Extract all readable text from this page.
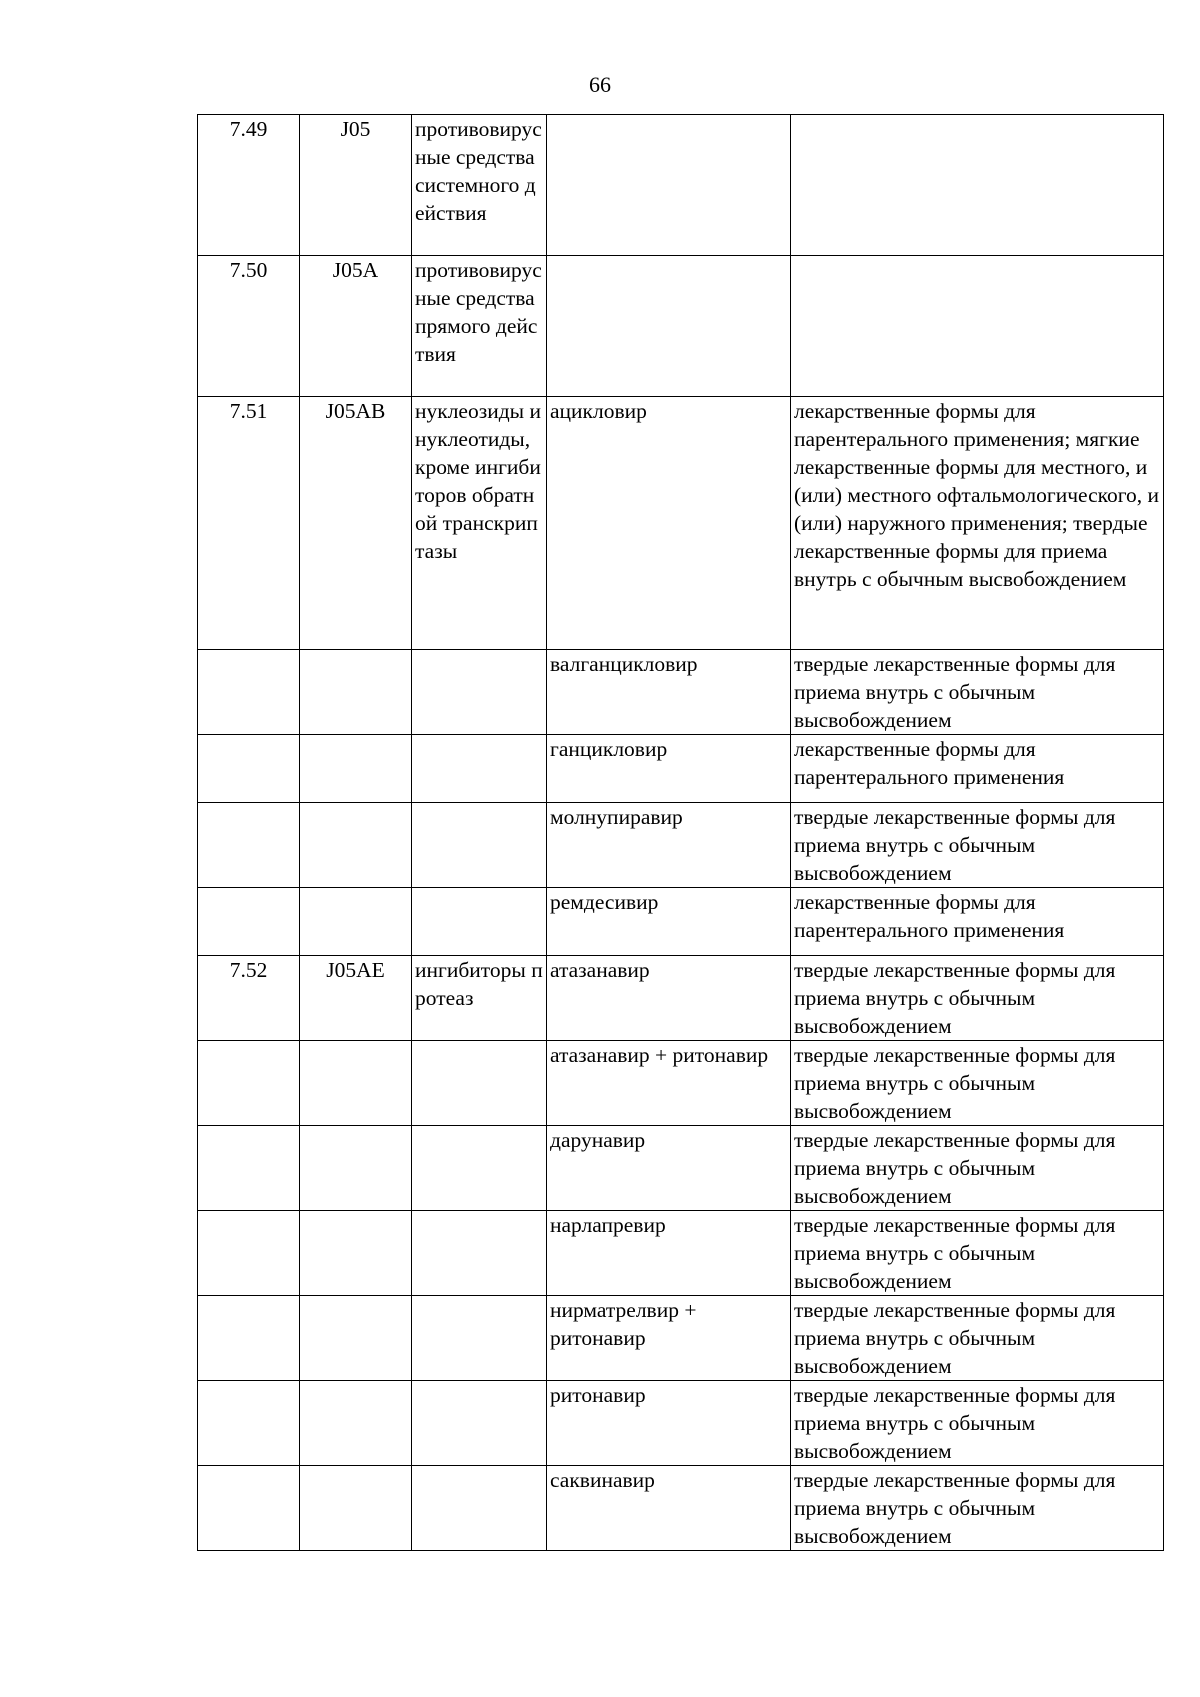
66
7.49	J05	противовирусные средства системного действия		
7.50	J05A	противовирусные средства прямого действия		
7.51	J05AB	нуклеозиды и нуклеотиды, кроме ингибиторов обратной транскриптазы	ацикловир	лекарственные формы для парентерального применения; мягкие лекарственные формы для местного, и (или) местного офтальмологического, и (или) наружного применения; твердые лекарственные формы для приема внутрь с обычным высвобождением
			валганцикловир	твердые лекарственные формы для приема внутрь с обычным высвобождением
			ганцикловир	лекарственные формы для парентерального применения
			молнупиравир	твердые лекарственные формы для приема внутрь с обычным высвобождением
			ремдесивир	лекарственные формы для парентерального применения
7.52	J05AE	ингибиторы протеаз	атазанавир	твердые лекарственные формы для приема внутрь с обычным высвобождением
			атазанавир + ритонавир	твердые лекарственные формы для приема внутрь с обычным высвобождением
			дарунавир	твердые лекарственные формы для приема внутрь с обычным высвобождением
			нарлапревир	твердые лекарственные формы для приема внутрь с обычным высвобождением
			нирматрелвир + ритонавир	твердые лекарственные формы для приема внутрь с обычным высвобождением
			ритонавир	твердые лекарственные формы для приема внутрь с обычным высвобождением
			саквинавир	твердые лекарственные формы для приема внутрь с обычным высвобождением
